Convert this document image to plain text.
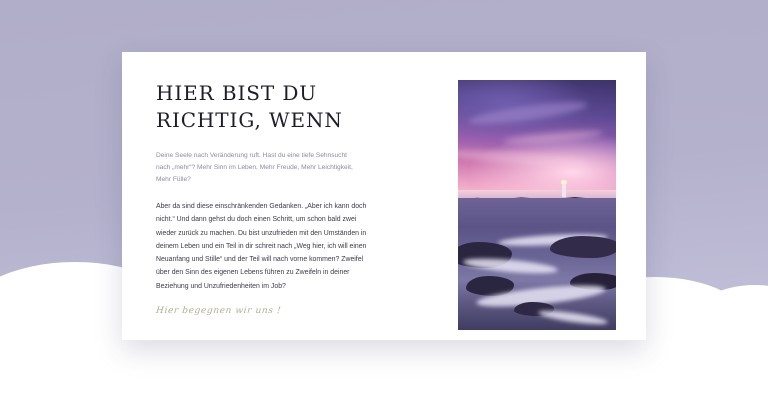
HIER BIST DU
RICHTIG, WENN

Deine Seele nach Veränderung ruft. Hast du eine tiefe Sehnsucht nach „mehr“? Mehr Sinn im Leben, Mehr Freude, Mehr Leichtigkeit, Mehr Fülle?

Aber da sind diese einschränkenden Gedanken. „Aber ich kann doch nicht.“ Und dann gehst du doch einen Schritt, um schon bald zwei wieder zurück zu machen. Du bist unzufrieden mit den Umständen in deinem Leben und ein Teil in dir schreit nach „Weg hier, ich will einen Neuanfang und Stille“ und der Teil will nach vorne kommen? Zweifel über den Sinn des eigenen Lebens führen zu Zweifeln in deiner Beziehung und Unzufriedenheiten im Job?

Hier begegnen wir uns !
